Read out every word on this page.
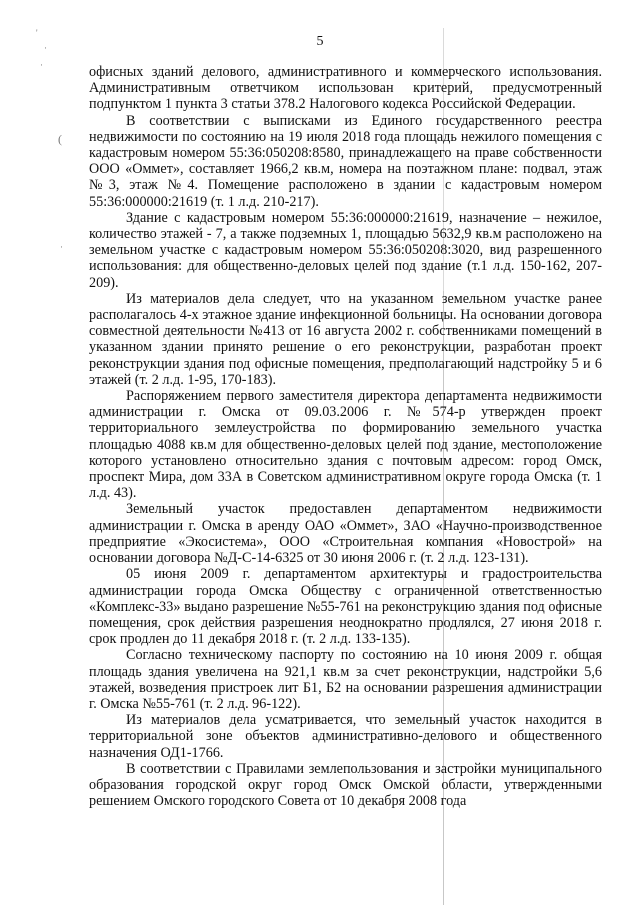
5
'
·
·
(
·

офисных зданий делового, административного и коммерческого использования. Административным ответчиком использован критерий, предусмотренный подпунктом 1 пункта 3 статьи 378.2 Налогового кодекса Российской Федерации.

В соответствии с выписками из Единого государственного реестра недвижимости по состоянию на 19 июля 2018 года площадь нежилого помещения с кадастровым номером 55:36:050208:8580, принадлежащего на праве собственности ООО «Оммет», составляет 1966,2 кв.м, номера на поэтажном плане: подвал, этаж №3, этаж №4. Помещение расположено в здании с кадастровым номером 55:36:000000:21619 (т. 1 л.д. 210-217).

Здание с кадастровым номером 55:36:000000:21619, назначение – нежилое, количество этажей - 7, а также подземных 1, площадью 5632,9 кв.м расположено на земельном участке с кадастровым номером 55:36:050208:3020, вид разрешенного использования: для общественно-деловых целей под здание (т.1 л.д. 150-162, 207-209).

Из материалов дела следует, что на указанном земельном участке ранее располагалось 4-х этажное здание инфекционной больницы. На основании договора совместной деятельности №413 от 16 августа 2002 г. собственниками помещений в указанном здании принято решение о его реконструкции, разработан проект реконструкции здания под офисные помещения, предполагающий надстройку 5 и 6 этажей (т. 2 л.д. 1-95, 170-183).

Распоряжением первого заместителя директора департамента недвижимости администрации г. Омска от 09.03.2006 г. №574-р утвержден проект территориального землеустройства по формированию земельного участка площадью 4088 кв.м для общественно-деловых целей под здание, местоположение которого установлено относительно здания с почтовым адресом: город Омск, проспект Мира, дом 33А в Советском административном округе города Омска (т. 1 л.д. 43).

Земельный участок предоставлен департаментом недвижимости администрации г. Омска в аренду ОАО «Оммет», ЗАО «Научно-производственное предприятие «Экосистема», ООО «Строительная компания «Новострой» на основании договора №Д-С-14-6325 от 30 июня 2006 г. (т. 2 л.д. 123-131).

05 июня 2009 г. департаментом архитектуры и градостроительства администрации города Омска Обществу с ограниченной ответственностью «Комплекс-33» выдано разрешение №55-761 на реконструкцию здания под офисные помещения, срок действия разрешения неоднократно продлялся, 27 июня 2018 г. срок продлен до 11 декабря 2018 г. (т. 2 л.д. 133-135).

Согласно техническому паспорту по состоянию на 10 июня 2009 г. общая площадь здания увеличена на 921,1 кв.м за счет реконструкции, надстройки 5,6 этажей, возведения пристроек лит Б1, Б2 на основании разрешения администрации г. Омска №55-761 (т. 2 л.д. 96-122).

Из материалов дела усматривается, что земельный участок находится в территориальной зоне объектов административно-делового и общественного назначения ОД1-1766.

В соответствии с Правилами землепользования и застройки муниципального образования городской округ город Омск Омской области, утвержденными решением Омского городского Совета от 10 декабря 2008 года
